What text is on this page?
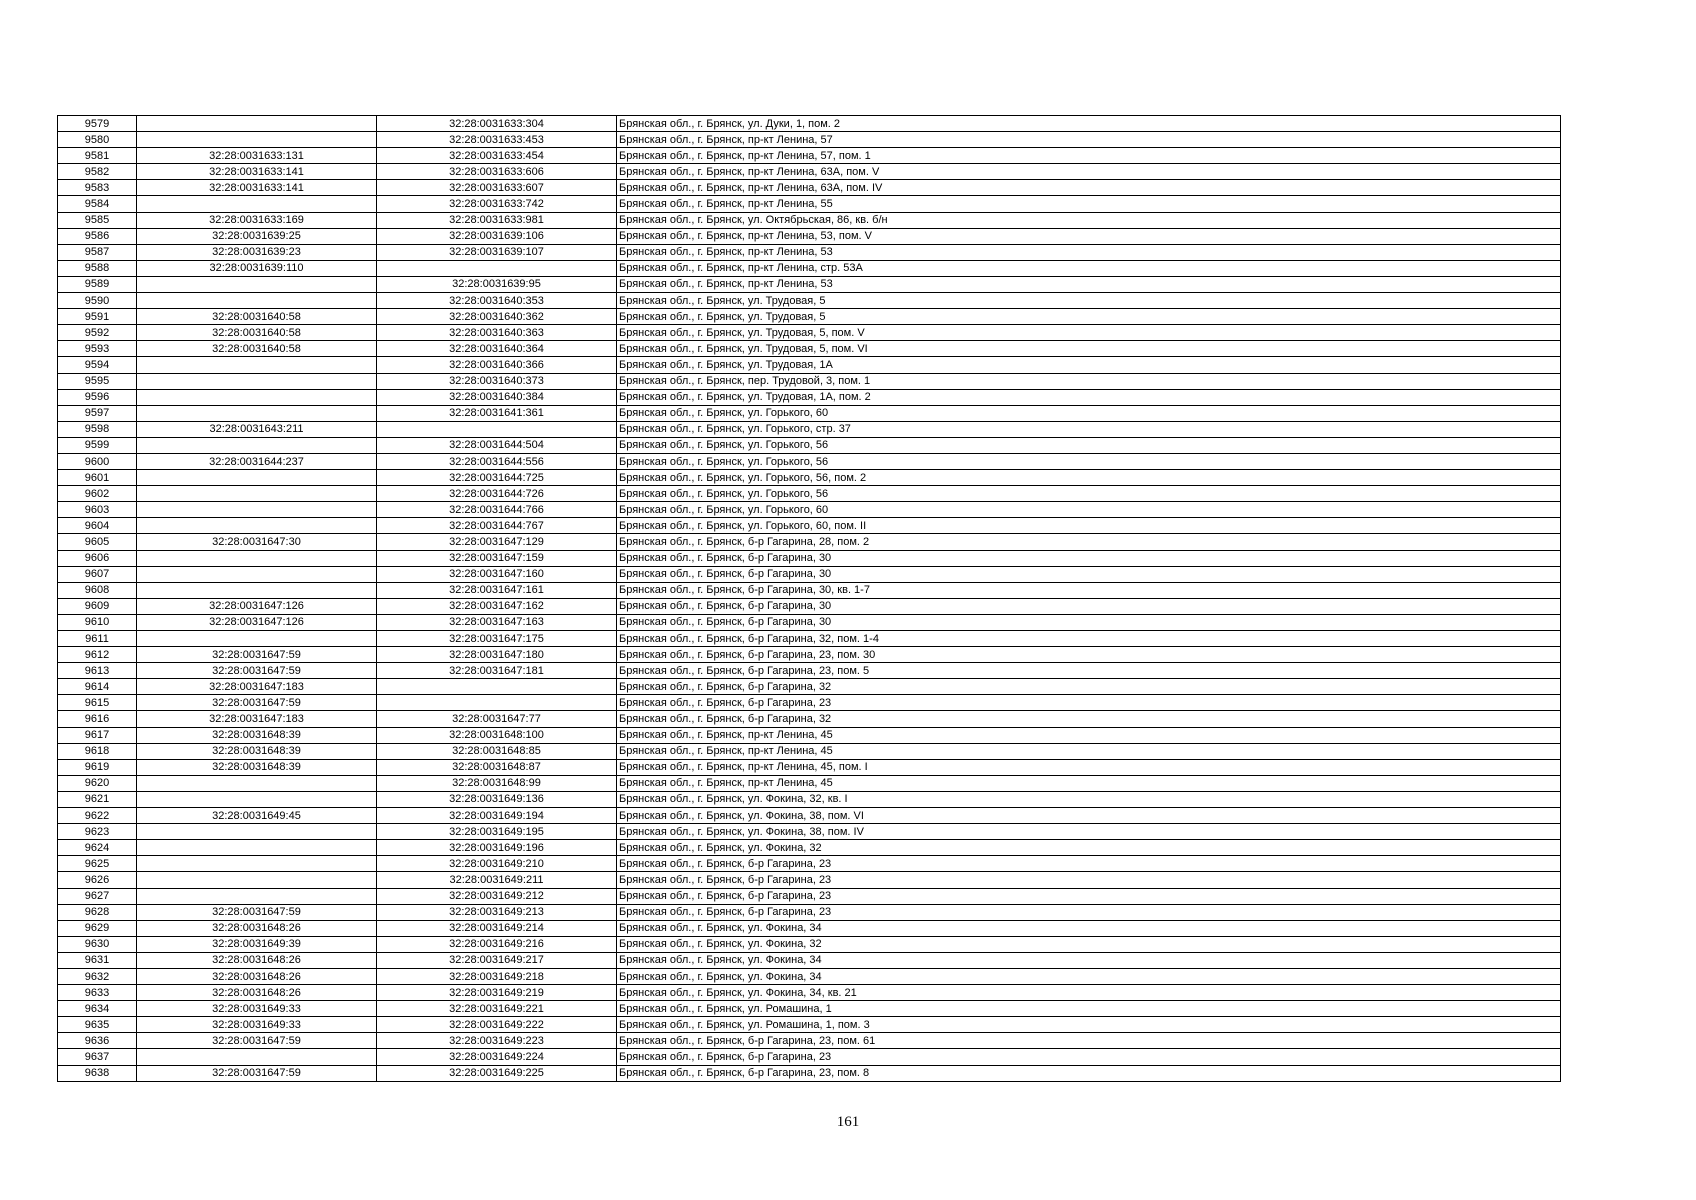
9579		32:28:0031633:304	Брянская обл., г. Брянск, ул. Дуки, 1, пом. 2
9580		32:28:0031633:453	Брянская обл., г. Брянск, пр-кт Ленина, 57
9581	32:28:0031633:131	32:28:0031633:454	Брянская обл., г. Брянск, пр-кт Ленина, 57, пом. 1
9582	32:28:0031633:141	32:28:0031633:606	Брянская обл., г. Брянск, пр-кт Ленина, 63А, пом. V
9583	32:28:0031633:141	32:28:0031633:607	Брянская обл., г. Брянск, пр-кт Ленина, 63А, пом. IV
9584		32:28:0031633:742	Брянская обл., г. Брянск, пр-кт Ленина, 55
9585	32:28:0031633:169	32:28:0031633:981	Брянская обл., г. Брянск, ул. Октябрьская, 86, кв. б/н
9586	32:28:0031639:25	32:28:0031639:106	Брянская обл., г. Брянск, пр-кт Ленина, 53, пом. V
9587	32:28:0031639:23	32:28:0031639:107	Брянская обл., г. Брянск, пр-кт Ленина, 53
9588	32:28:0031639:110		Брянская обл., г. Брянск, пр-кт Ленина, стр. 53А
9589		32:28:0031639:95	Брянская обл., г. Брянск, пр-кт Ленина, 53
9590		32:28:0031640:353	Брянская обл., г. Брянск, ул. Трудовая, 5
9591	32:28:0031640:58	32:28:0031640:362	Брянская обл., г. Брянск, ул. Трудовая, 5
9592	32:28:0031640:58	32:28:0031640:363	Брянская обл., г. Брянск, ул. Трудовая, 5, пом. V
9593	32:28:0031640:58	32:28:0031640:364	Брянская обл., г. Брянск, ул. Трудовая, 5, пом. VI
9594		32:28:0031640:366	Брянская обл., г. Брянск, ул. Трудовая, 1А
9595		32:28:0031640:373	Брянская обл., г. Брянск, пер. Трудовой, 3, пом. 1
9596		32:28:0031640:384	Брянская обл., г. Брянск, ул. Трудовая, 1А, пом. 2
9597		32:28:0031641:361	Брянская обл., г. Брянск, ул. Горького, 60
9598	32:28:0031643:211		Брянская обл., г. Брянск, ул. Горького, стр. 37
9599		32:28:0031644:504	Брянская обл., г. Брянск, ул. Горького, 56
9600	32:28:0031644:237	32:28:0031644:556	Брянская обл., г. Брянск, ул. Горького, 56
9601		32:28:0031644:725	Брянская обл., г. Брянск, ул. Горького, 56, пом. 2
9602		32:28:0031644:726	Брянская обл., г. Брянск, ул. Горького, 56
9603		32:28:0031644:766	Брянская обл., г. Брянск, ул. Горького, 60
9604		32:28:0031644:767	Брянская обл., г. Брянск, ул. Горького, 60, пом. II
9605	32:28:0031647:30	32:28:0031647:129	Брянская обл., г. Брянск, б-р Гагарина, 28, пом. 2
9606		32:28:0031647:159	Брянская обл., г. Брянск, б-р Гагарина, 30
9607		32:28:0031647:160	Брянская обл., г. Брянск, б-р Гагарина, 30
9608		32:28:0031647:161	Брянская обл., г. Брянск, б-р Гагарина, 30, кв. 1-7
9609	32:28:0031647:126	32:28:0031647:162	Брянская обл., г. Брянск, б-р Гагарина, 30
9610	32:28:0031647:126	32:28:0031647:163	Брянская обл., г. Брянск, б-р Гагарина, 30
9611		32:28:0031647:175	Брянская обл., г. Брянск, б-р Гагарина, 32, пом. 1-4
9612	32:28:0031647:59	32:28:0031647:180	Брянская обл., г. Брянск, б-р Гагарина, 23, пом. 30
9613	32:28:0031647:59	32:28:0031647:181	Брянская обл., г. Брянск, б-р Гагарина, 23, пом. 5
9614	32:28:0031647:183		Брянская обл., г. Брянск, б-р Гагарина, 32
9615	32:28:0031647:59		Брянская обл., г. Брянск, б-р Гагарина, 23
9616	32:28:0031647:183	32:28:0031647:77	Брянская обл., г. Брянск, б-р Гагарина, 32
9617	32:28:0031648:39	32:28:0031648:100	Брянская обл., г. Брянск, пр-кт Ленина, 45
9618	32:28:0031648:39	32:28:0031648:85	Брянская обл., г. Брянск, пр-кт Ленина, 45
9619	32:28:0031648:39	32:28:0031648:87	Брянская обл., г. Брянск, пр-кт Ленина, 45, пом. I
9620		32:28:0031648:99	Брянская обл., г. Брянск, пр-кт Ленина, 45
9621		32:28:0031649:136	Брянская обл., г. Брянск, ул. Фокина, 32, кв. I
9622	32:28:0031649:45	32:28:0031649:194	Брянская обл., г. Брянск, ул. Фокина, 38, пом. VI
9623		32:28:0031649:195	Брянская обл., г. Брянск, ул. Фокина, 38, пом. IV
9624		32:28:0031649:196	Брянская обл., г. Брянск, ул. Фокина, 32
9625		32:28:0031649:210	Брянская обл., г. Брянск, б-р Гагарина, 23
9626		32:28:0031649:211	Брянская обл., г. Брянск, б-р Гагарина, 23
9627		32:28:0031649:212	Брянская обл., г. Брянск, б-р Гагарина, 23
9628	32:28:0031647:59	32:28:0031649:213	Брянская обл., г. Брянск, б-р Гагарина, 23
9629	32:28:0031648:26	32:28:0031649:214	Брянская обл., г. Брянск, ул. Фокина, 34
9630	32:28:0031649:39	32:28:0031649:216	Брянская обл., г. Брянск, ул. Фокина, 32
9631	32:28:0031648:26	32:28:0031649:217	Брянская обл., г. Брянск, ул. Фокина, 34
9632	32:28:0031648:26	32:28:0031649:218	Брянская обл., г. Брянск, ул. Фокина, 34
9633	32:28:0031648:26	32:28:0031649:219	Брянская обл., г. Брянск, ул. Фокина, 34, кв. 21
9634	32:28:0031649:33	32:28:0031649:221	Брянская обл., г. Брянск, ул. Ромашина, 1
9635	32:28:0031649:33	32:28:0031649:222	Брянская обл., г. Брянск, ул. Ромашина, 1, пом. 3
9636	32:28:0031647:59	32:28:0031649:223	Брянская обл., г. Брянск, б-р Гагарина, 23, пом. 61
9637		32:28:0031649:224	Брянская обл., г. Брянск, б-р Гагарина, 23
9638	32:28:0031647:59	32:28:0031649:225	Брянская обл., г. Брянск, б-р Гагарина, 23, пом. 8
161
